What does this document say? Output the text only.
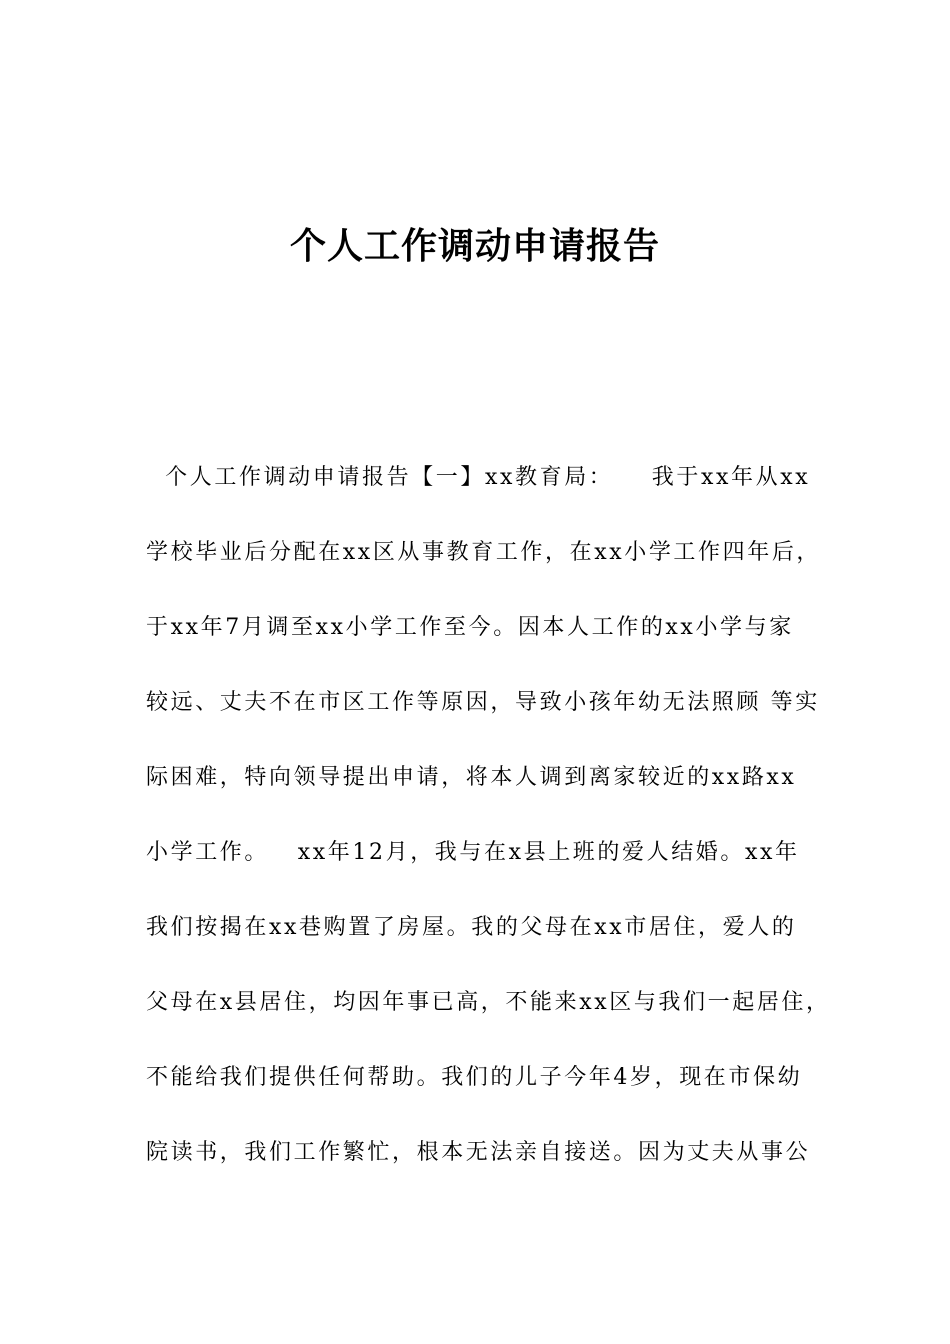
个人工作调动申请报告
个人工作调动申请报告【一】xx教育局：    我于xx年从xx
学校毕业后分配在xx区从事教育工作，在xx小学工作四年后，
于xx年7月调至xx小学工作至今。因本人工作的xx小学与家
较远、丈夫不在市区工作等原因，导致小孩年幼无法照顾 等实
际困难，特向领导提出申请，将本人调到离家较近的xx路xx
小学工作。   xx年12月，我与在x县上班的爱人结婚。xx年
我们按揭在xx巷购置了房屋。我的父母在xx市居住，爱人的
父母在x县居住，均因年事已高，不能来xx区与我们一起居住，
不能给我们提供任何帮助。我们的儿子今年4岁，现在市保幼
院读书，我们工作繁忙，根本无法亲自接送。因为丈夫从事公
